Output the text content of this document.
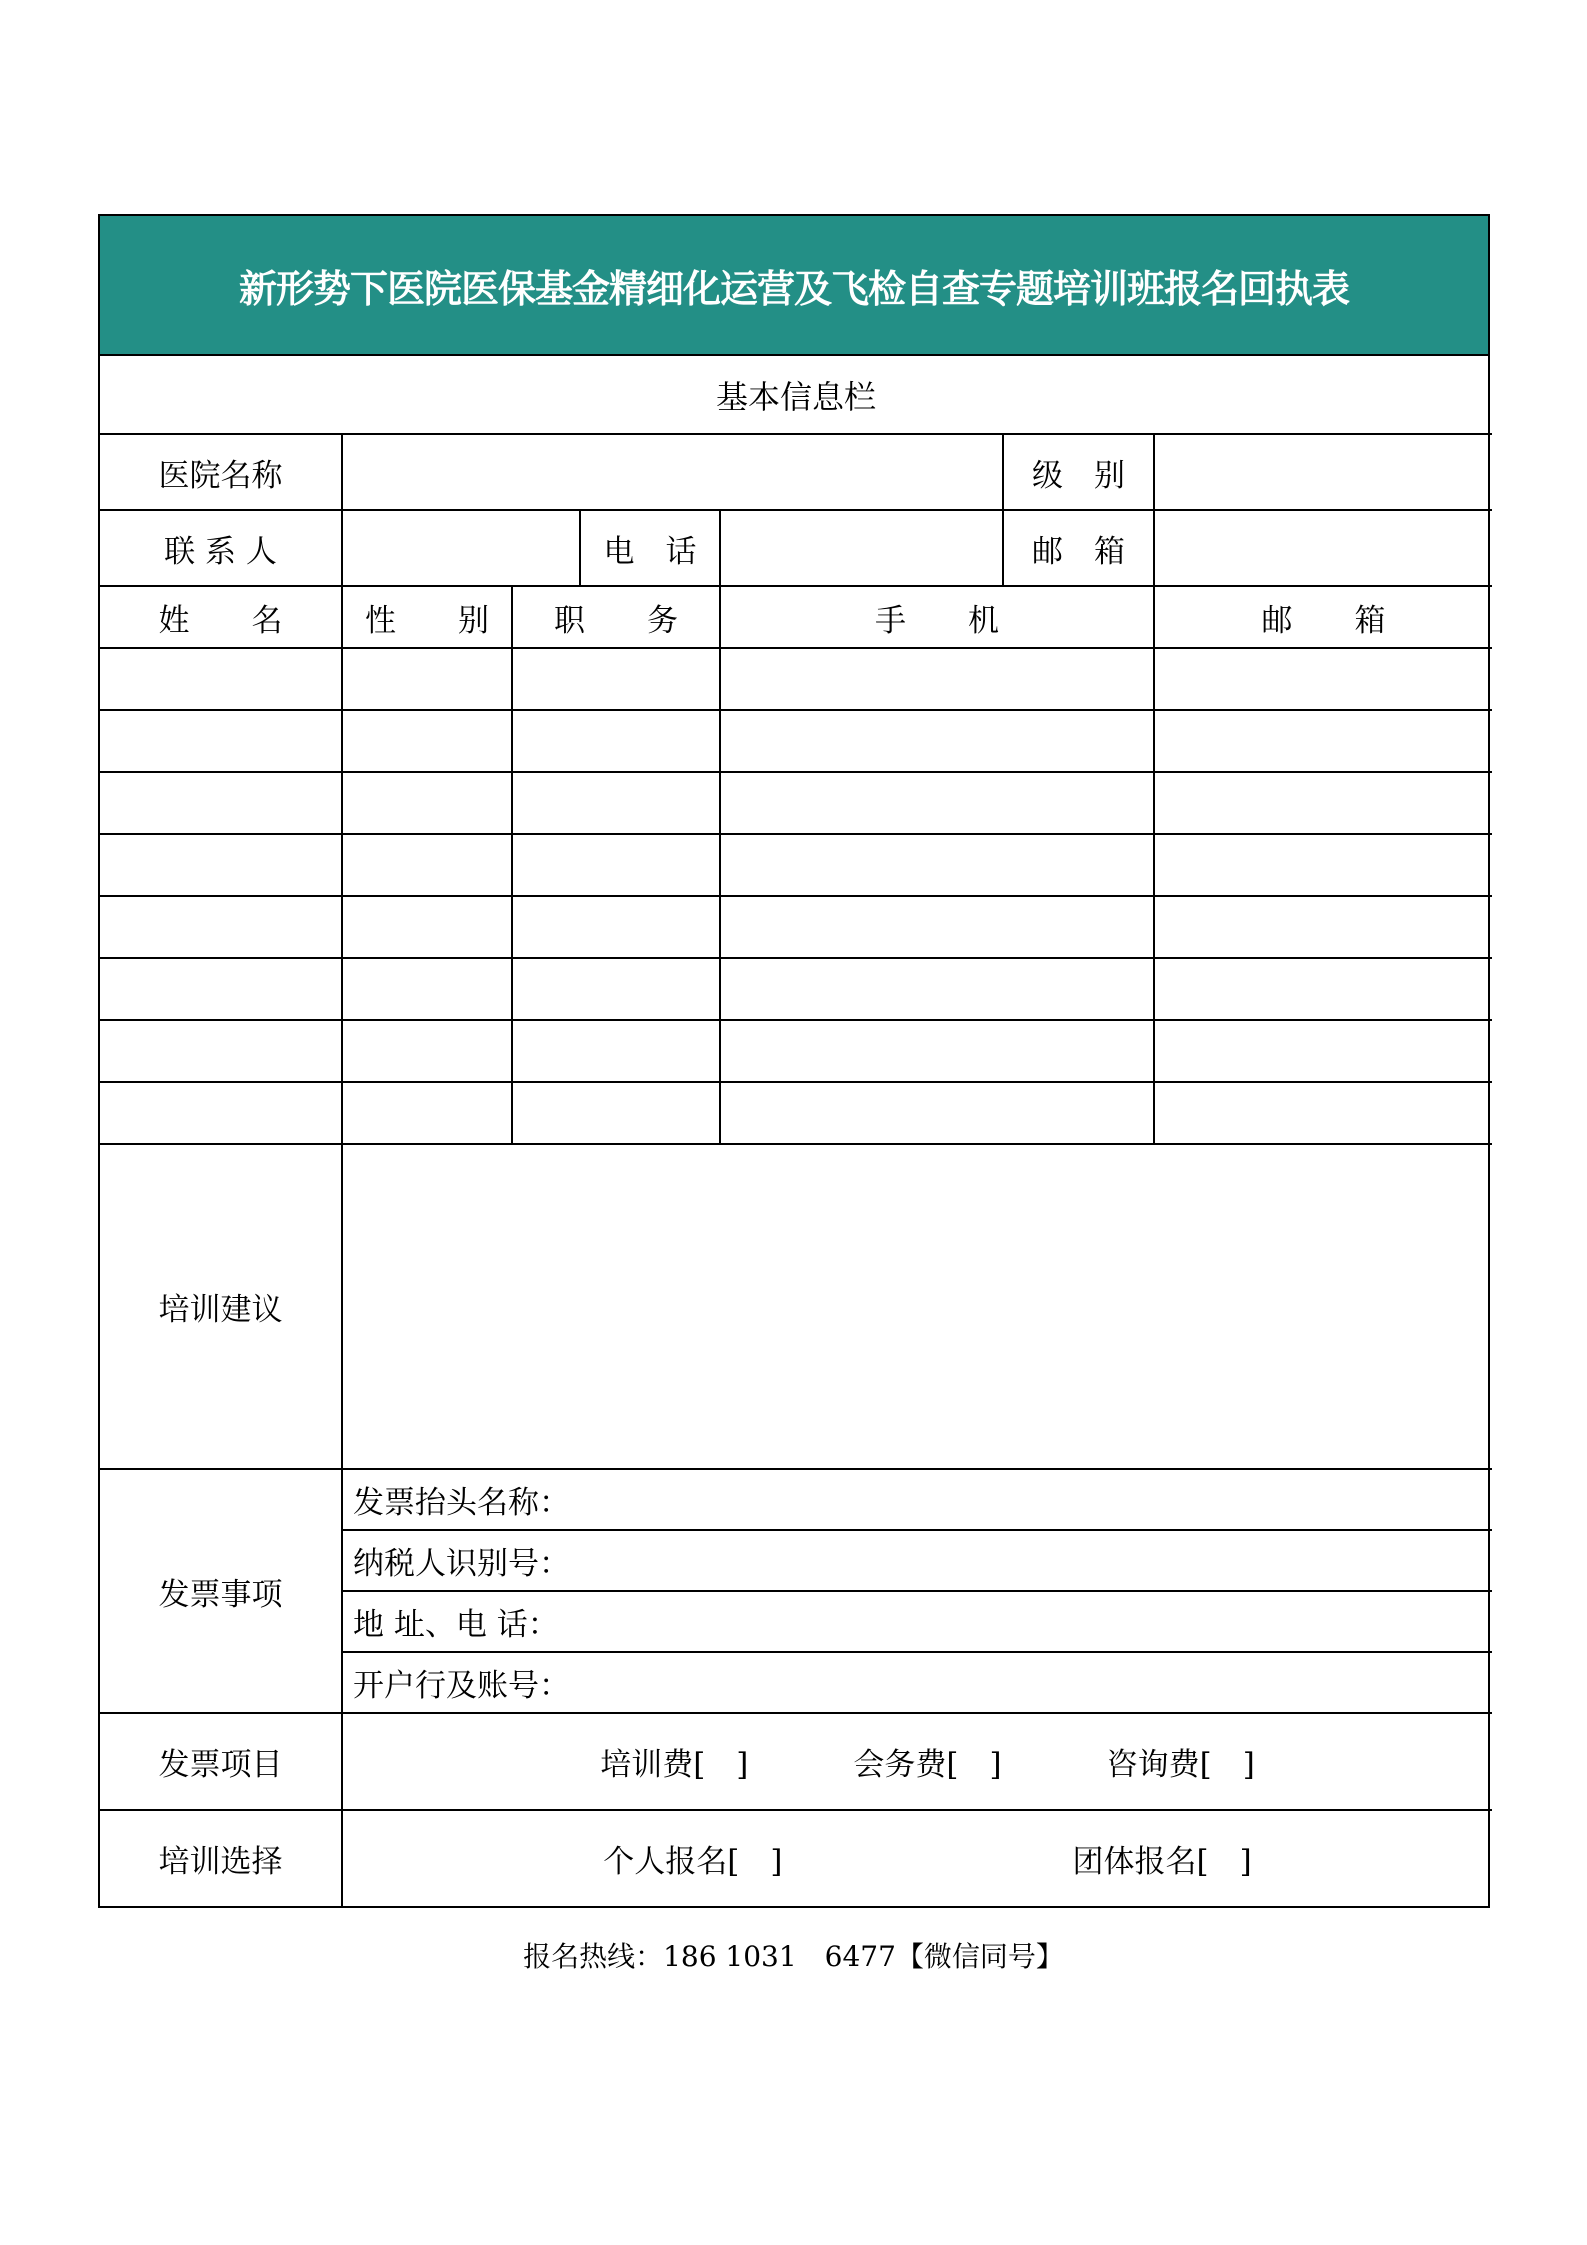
新形势下医院医保基金精细化运营及飞检自查专题培训班报名回执表
基本信息栏						
医院名称					级　别	
联 系 人			电　话		邮　箱	
姓　　名	性　　别	职　　务		手　　机		邮　　箱

培训建议						
发票事项	发票抬头名称：					
	纳税人识别号：					
	地 址、电 话：					
	开户行及账号：					
发票项目	培训费[　] 会务费[　] 咨询费[　]					

培训选择	个人报名[　] 团体报名[　]					
报名热线：186 1031　6477【微信同号】
